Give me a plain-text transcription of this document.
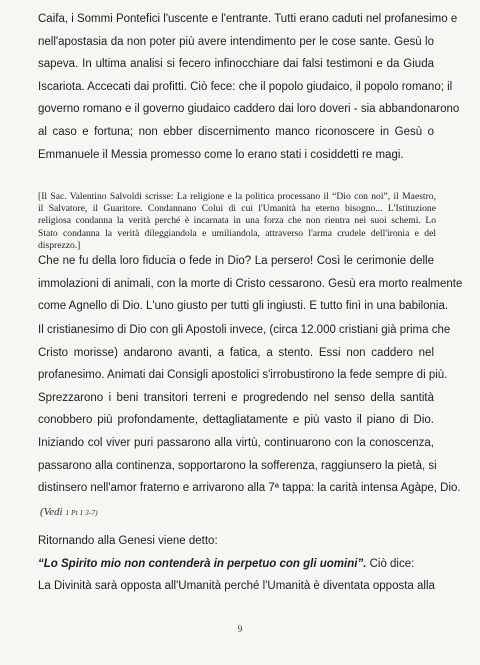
Caifa, i Sommi Pontefici l'uscente e l'entrante. Tutti erano caduti nel profanesimo e
nell'apostasia da non poter più avere intendimento per le cose sante. Gesù lo
sapeva. In ultima analisi si fecero infinocchiare dai falsi testimoni e da Giuda
Iscariota. Accecati dai profitti. Ciò fece: che il popolo giudaico, il popolo romano; il
governo romano e il governo giudaico caddero dai loro doveri - sia abbandonarono
al caso e fortuna; non ebber discernimento manco riconoscere in Gesù o
Emmanuele il Messia promesso come lo erano stati i cosiddetti re magi.
[Il Sac. Valentino Salvoldi scrisse: La religione e la politica processano il “Dio con noi”, il Maestro,
il Salvatore, il Guaritore. Condannano Colui di cui l'Umanità ha eterno bisogno... L'Istituzione
religiosa condanna la verità perché è incarnata in una forza che non rientra nei suoi schemi. Lo
Stato condanna la verità dileggiandola e umiliandola, attraverso l'arma crudele dell'ironia e del
disprezzo.]
Che ne fu della loro fiducia o fede in Dio? La persero! Così le cerimonie delle
immolazioni di animali, con la morte di Cristo cessarono. Gesù era morto realmente
come Agnello di Dio. L'uno giusto per tutti gli ingiusti. E tutto finì in una babilonia.
Il cristianesimo di Dio con gli Apostoli invece, (circa 12.000 cristiani già prima che
Cristo morisse) andarono avanti, a fatica, a stento. Essi non caddero nel
profanesimo. Animati dai Consigli apostolici s'irrobustirono la fede sempre di più.
Sprezzarono i beni transitori terreni e progredendo nel senso della santità
conobbero più profondamente, dettagliatamente e più vasto il piano di Dio.
Iniziando col viver puri passarono alla virtù, continuarono con la conoscenza,
passarono alla continenza, sopportarono la sofferenza, raggiunsero la pietà, si
distinsero nell'amor fraterno e arrivarono alla 7ª tappa: la carità intensa Agàpe, Dio.
(Vedi 1 Pt 1 3-7)
Ritornando alla Genesi viene detto:
“Lo Spirito mio non contenderà in perpetuo con gli uomini”. Ciò dice:
La Divinità sarà opposta all'Umanità perché l'Umanità è diventata opposta alla
9
